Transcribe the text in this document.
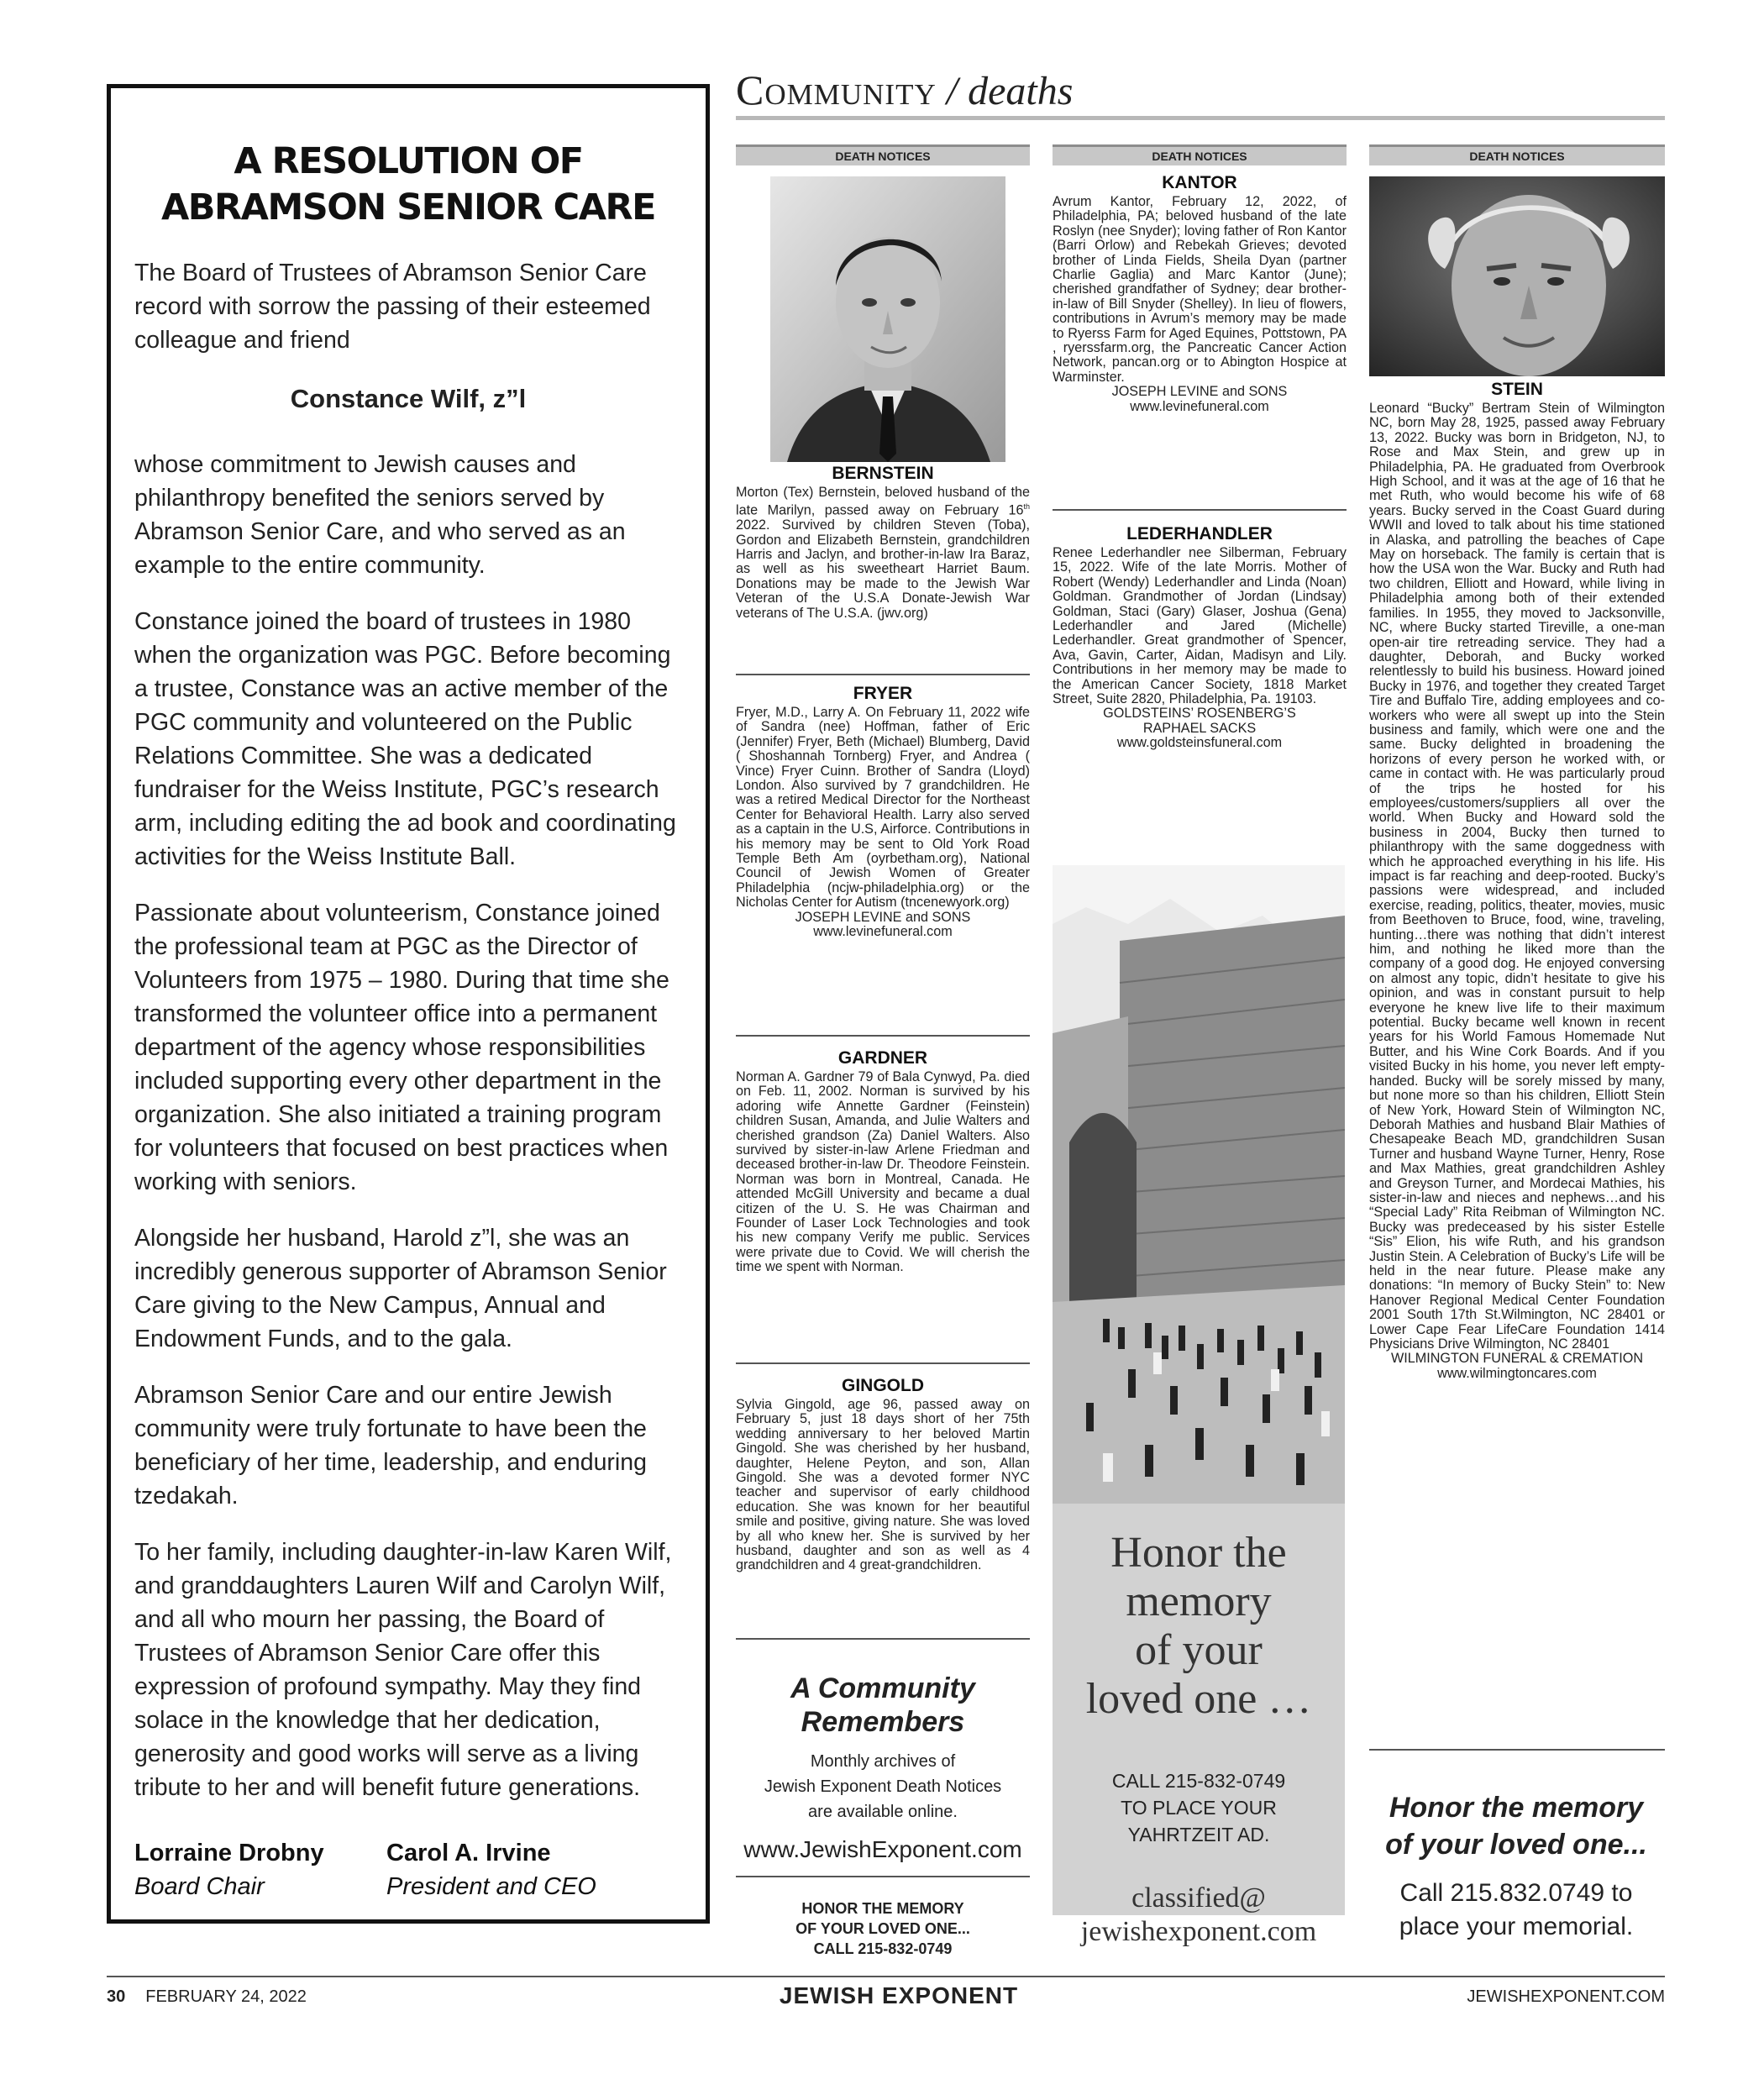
A RESOLUTION OF
ABRAMSON SENIOR CARE

The Board of Trustees of Abramson Senior Care record with sorrow the passing of their esteemed colleague and friend

Constance Wilf, z”l

whose commitment to Jewish causes and philanthropy benefited the seniors served by Abramson Senior Care, and who served as an example to the entire community.

Constance joined the board of trustees in 1980 when the organization was PGC. Before becoming a trustee, Constance was an active member of the PGC community and volunteered on the Public Relations Committee. She was a dedicated fundraiser for the Weiss Institute, PGC’s research arm, including editing the ad book and coordinating activities for the Weiss Institute Ball.

Passionate about volunteerism, Constance joined the professional team at PGC as the Director of Volunteers from 1975 – 1980. During that time she transformed the volunteer office into a permanent department of the agency whose responsibilities included supporting every other department in the organization. She also initiated a training program for volunteers that focused on best practices when working with seniors.

Alongside her husband, Harold z”l, she was an incredibly generous supporter of Abramson Senior Care giving to the New Campus, Annual and Endowment Funds, and to the gala.

Abramson Senior Care and our entire Jewish community were truly fortunate to have been the beneficiary of her time, leadership, and enduring tzedakah.

To her family, including daughter-in-law Karen Wilf, and granddaughters Lauren Wilf and Carolyn Wilf, and all who mourn her passing, the Board of Trustees of Abramson Senior Care offer this expression of profound sympathy. May they find solace in the knowledge that her dedication, generosity and good works will serve as a living tribute to her and will benefit future generations.

Lorraine Drobny
Board Chair
Carol A. Irvine
President and CEO
Community / deaths
DEATH NOTICES	DEATH NOTICES	DEATH NOTICES
BERNSTEIN
Morton (Tex) Bernstein, beloved husband of the late Marilyn, passed away on February 16th 2022. Survived by children Steven (Toba), Gordon and Elizabeth Bernstein, grandchildren Harris and Jaclyn, and brother-in-law Ira Baraz, as well as his sweetheart Harriet Baum. Donations may be made to the Jewish War Veteran of the U.S.A Donate-Jewish War veterans of The U.S.A. (jwv.org)
FRYER
Fryer, M.D., Larry A. On February 11, 2022 wife of Sandra (nee) Hoffman, father of Eric (Jennifer) Fryer, Beth (Michael) Blumberg, David ( Shoshannah Tornberg) Fryer, and Andrea ( Vince) Fryer Cuinn. Brother of Sandra (Lloyd) London. Also survived by 7 grandchildren. He was a retired Medical Director for the Northeast Center for Behavioral Health. Larry also served as a captain in the U.S, Airforce. Contributions in his memory may be sent to Old York Road Temple Beth Am (oyrbetham.org), National Council of Jewish Women of Greater Philadelphia (ncjw-philadelphia.org) or the Nicholas Center for Autism (tncenewyork.org)
JOSEPH LEVINE and SONS
www.levinefuneral.com
GARDNER
Norman A. Gardner 79 of Bala Cynwyd, Pa. died on Feb. 11, 2002. Norman is survived by his adoring wife Annette Gardner (Feinstein) children Susan, Amanda, and Julie Walters and cherished grandson (Za) Daniel Walters. Also survived by sister-in-law Arlene Friedman and deceased brother-in-law Dr. Theodore Feinstein. Norman was born in Montreal, Canada. He attended McGill University and became a dual citizen of the U. S. He was Chairman and Founder of Laser Lock Technologies and took his new company Verify me public. Services were private due to Covid. We will cherish the time we spent with Norman.
GINGOLD
Sylvia Gingold, age 96, passed away on February 5, just 18 days short of her 75th wedding anniversary to her beloved Martin Gingold. She was cherished by her husband, daughter, Helene Peyton, and son, Allan Gingold. She was a devoted former NYC teacher and supervisor of early childhood education. She was known for her beautiful smile and positive, giving nature. She was loved by all who knew her. She is survived by her husband, daughter and son as well as 4 grandchildren and 4 great-grandchildren.
A Community
Remembers
Monthly archives of
Jewish Exponent Death Notices
are available online.
www.JewishExponent.com
HONOR THE MEMORY
OF YOUR LOVED ONE...
CALL 215-832-0749
KANTOR
Avrum Kantor, February 12, 2022, of Philadelphia, PA; beloved husband of the late Roslyn (nee Snyder); loving father of Ron Kantor (Barri Orlow) and Rebekah Grieves; devoted brother of Linda Fields, Sheila Dyan (partner Charlie Gaglia) and Marc Kantor (June); cherished grandfather of Sydney; dear brother-in-law of Bill Snyder (Shelley). In lieu of flowers, contributions in Avrum’s memory may be made to Ryerss Farm for Aged Equines, Pottstown, PA , ryerssfarm.org, the Pancreatic Cancer Action Network, pancan.org or to Abington Hospice at Warminster.
JOSEPH LEVINE and SONS
www.levinefuneral.com
LEDERHANDLER
Renee Lederhandler nee Silberman, February 15, 2022. Wife of the late Morris. Mother of Robert (Wendy) Lederhandler and Linda (Noan) Goldman. Grandmother of Jordan (Lindsay) Goldman, Staci (Gary) Glaser, Joshua (Gena) Lederhandler and Jared (Michelle) Lederhandler. Great grandmother of Spencer, Ava, Gavin, Carter, Aidan, Madisyn and Lily. Contributions in her memory may be made to the American Cancer Society, 1818 Market Street, Suite 2820, Philadelphia, Pa. 19103.
GOLDSTEINS’ ROSENBERG’S
RAPHAEL SACKS
www.goldsteinsfuneral.com
Honor the
memory
of your
loved one …
CALL 215-832-0749
TO PLACE YOUR
YAHRTZEIT AD.
classified@
jewishexponent.com
STEIN
Leonard “Bucky” Bertram Stein of Wilmington NC, born May 28, 1925, passed away February 13, 2022. Bucky was born in Bridgeton, NJ, to Rose and Max Stein, and grew up in Philadelphia, PA. He graduated from Overbrook High School, and it was at the age of 16 that he met Ruth, who would become his wife of 68 years. Bucky served in the Coast Guard during WWII and loved to talk about his time stationed in Alaska, and patrolling the beaches of Cape May on horseback. The family is certain that is how the USA won the War. Bucky and Ruth had two children, Elliott and Howard, while living in Philadelphia among both of their extended families. In 1955, they moved to Jacksonville, NC, where Bucky started Tireville, a one-man open-air tire retreading service. They had a daughter, Deborah, and Bucky worked relentlessly to build his business. Howard joined Bucky in 1976, and together they created Target Tire and Buffalo Tire, adding employees and co-workers who were all swept up into the Stein business and family, which were one and the same. Bucky delighted in broadening the horizons of every person he worked with, or came in contact with. He was particularly proud of the trips he hosted for his employees/customers/suppliers all over the world. When Bucky and Howard sold the business in 2004, Bucky then turned to philanthropy with the same doggedness with which he approached everything in his life. His impact is far reaching and deep-rooted. Bucky’s passions were widespread, and included exercise, reading, politics, theater, movies, music from Beethoven to Bruce, food, wine, traveling, hunting…there was nothing that didn’t interest him, and nothing he liked more than the company of a good dog. He enjoyed conversing on almost any topic, didn’t hesitate to give his opinion, and was in constant pursuit to help everyone he knew live life to their maximum potential. Bucky became well known in recent years for his World Famous Homemade Nut Butter, and his Wine Cork Boards. And if you visited Bucky in his home, you never left empty-handed. Bucky will be sorely missed by many, but none more so than his children, Elliott Stein of New York, Howard Stein of Wilmington NC, Deborah Mathies and husband Blair Mathies of Chesapeake Beach MD, grandchildren Susan Turner and husband Wayne Turner, Henry, Rose and Max Mathies, great grandchildren Ashley and Greyson Turner, and Mordecai Mathies, his sister-in-law and nieces and nephews…and his “Special Lady” Rita Reibman of Wilmington NC. Bucky was predeceased by his sister Estelle “Sis” Elion, his wife Ruth, and his grandson Justin Stein. A Celebration of Bucky’s Life will be held in the near future. Please make any donations: “In memory of Bucky Stein” to: New Hanover Regional Medical Center Foundation 2001 South 17th St.Wilmington, NC 28401 or Lower Cape Fear LifeCare Foundation 1414 Physicians Drive Wilmington, NC 28401
WILMINGTON FUNERAL & CREMATION
www.wilmingtoncares.com
Honor the memory
of your loved one...
Call 215.832.0749 to
place your memorial.
30 FEBRUARY 24, 2022	JEWISH EXPONENT	JEWISHEXPONENT.COM
